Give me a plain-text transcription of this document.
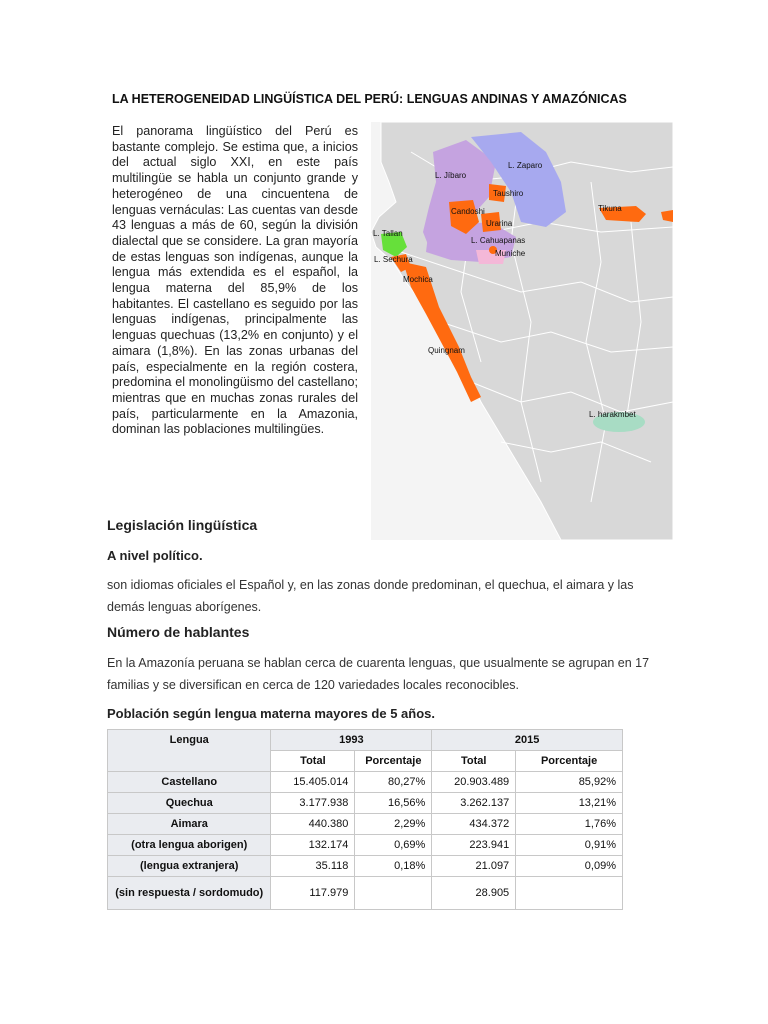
LA HETEROGENEIDAD LINGÜÍSTICA DEL PERÚ: LENGUAS ANDINAS Y AMAZÓNICAS
El panorama lingüístico del Perú es bastante complejo. Se estima que, a inicios del actual siglo XXI, en este país multilingüe se habla un conjunto grande y heterogéneo de una cincuentena de lenguas vernáculas: Las cuentas van desde 43 lenguas a más de 60, según la división dialectal que se considere. La gran mayoría de estas lenguas son indígenas, aunque la lengua más extendida es el español, la lengua materna del 85,9% de los habitantes. El castellano es seguido por las lenguas indígenas, principalmente las lenguas quechuas (13,2% en conjunto) y el aimara (1,8%). En las zonas urbanas del país, especialmente en la región costera, predomina el monolingüismo del castellano; mientras que en muchas zonas rurales del país, particularmente en la Amazonia, dominan las poblaciones multilingües.
L. Zaparo
L. Jíbaro
Taushiro
Candoshi
Urarina
Tikuna
L. Tallan
L. Cahuapanas
L. Sechura
Muniche
Mochica
Quingnam
L. harakmbet
Legislación lingüística
A nivel político.
son idiomas oficiales el Español y, en las zonas donde predominan, el quechua, el aimara y las demás lenguas aborígenes.
Número de hablantes
En la Amazonía peruana se hablan cerca de cuarenta lenguas, que usualmente se agrupan en 17 familias y se diversifican en cerca de 120 variedades locales reconocibles.
Población según lengua materna mayores de 5 años.
Lengua	1993		2015	
	Total	Porcentaje	Total	Porcentaje
Castellano	15.405.014	80,27%	20.903.489	85,92%
Quechua	3.177.938	16,56%	3.262.137	13,21%
Aimara	440.380	2,29%	434.372	1,76%
(otra lengua aborigen)	132.174	0,69%	223.941	0,91%
(lengua extranjera)	35.118	0,18%	21.097	0,09%
(sin respuesta / sordomudo)	117.979		28.905	
